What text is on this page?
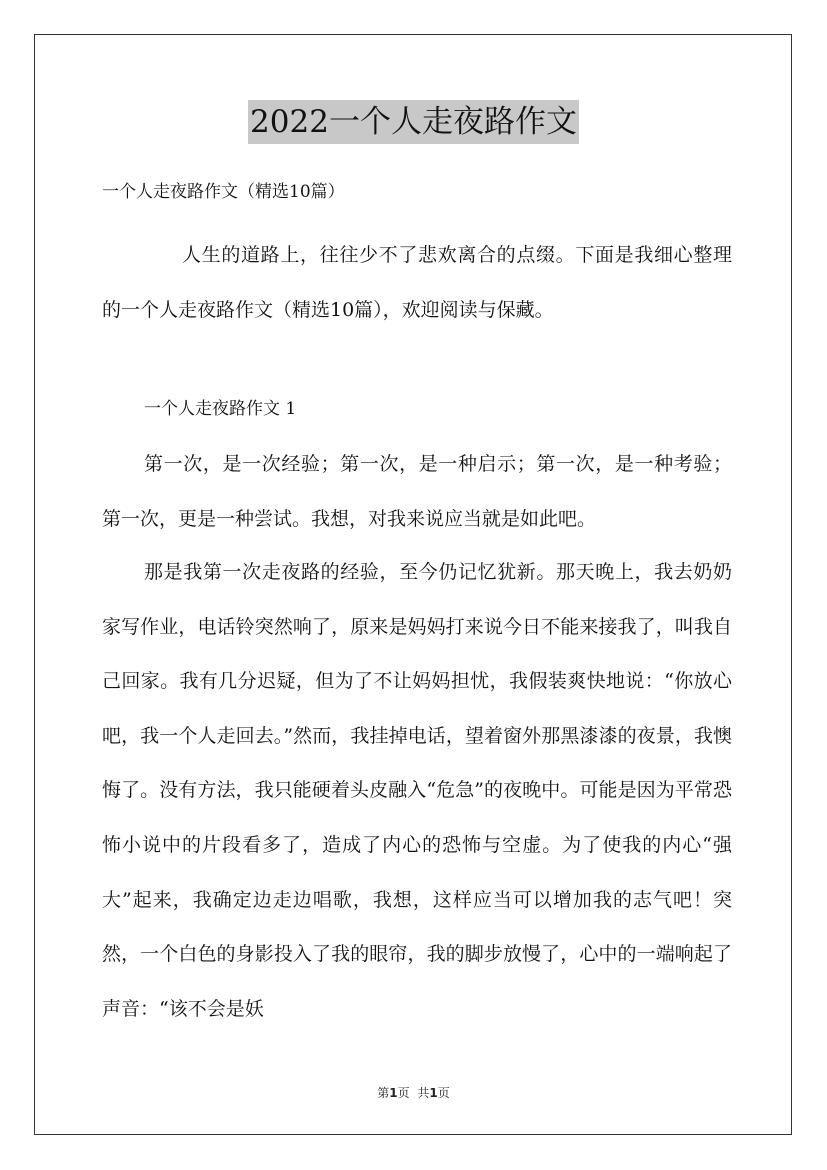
2022一个人走夜路作文
一个人走夜路作文（精选10篇）

人生的道路上，往往少不了悲欢离合的点缀。下面是我细心整理的一个人走夜路作文（精选10篇），欢迎阅读与保藏。

一个人走夜路作文 1

第一次，是一次经验；第一次，是一种启示；第一次，是一种考验；第一次，更是一种尝试。我想，对我来说应当就是如此吧。

那是我第一次走夜路的经验，至今仍记忆犹新。那天晚上，我去奶奶家写作业，电话铃突然响了，原来是妈妈打来说今日不能来接我了，叫我自己回家。我有几分迟疑，但为了不让妈妈担忧，我假装爽快地说：“你放心吧，我一个人走回去。”然而，我挂掉电话，望着窗外那黑漆漆的夜景，我懊悔了。没有方法，我只能硬着头皮融入“危急”的夜晚中。可能是因为平常恐怖小说中的片段看多了，造成了内心的恐怖与空虚。为了使我的内心“强大”起来，我确定边走边唱歌，我想，这样应当可以增加我的志气吧！突然，一个白色的身影投入了我的眼帘，我的脚步放慢了，心中的一端响起了声音：“该不会是妖

第1页 共1页
